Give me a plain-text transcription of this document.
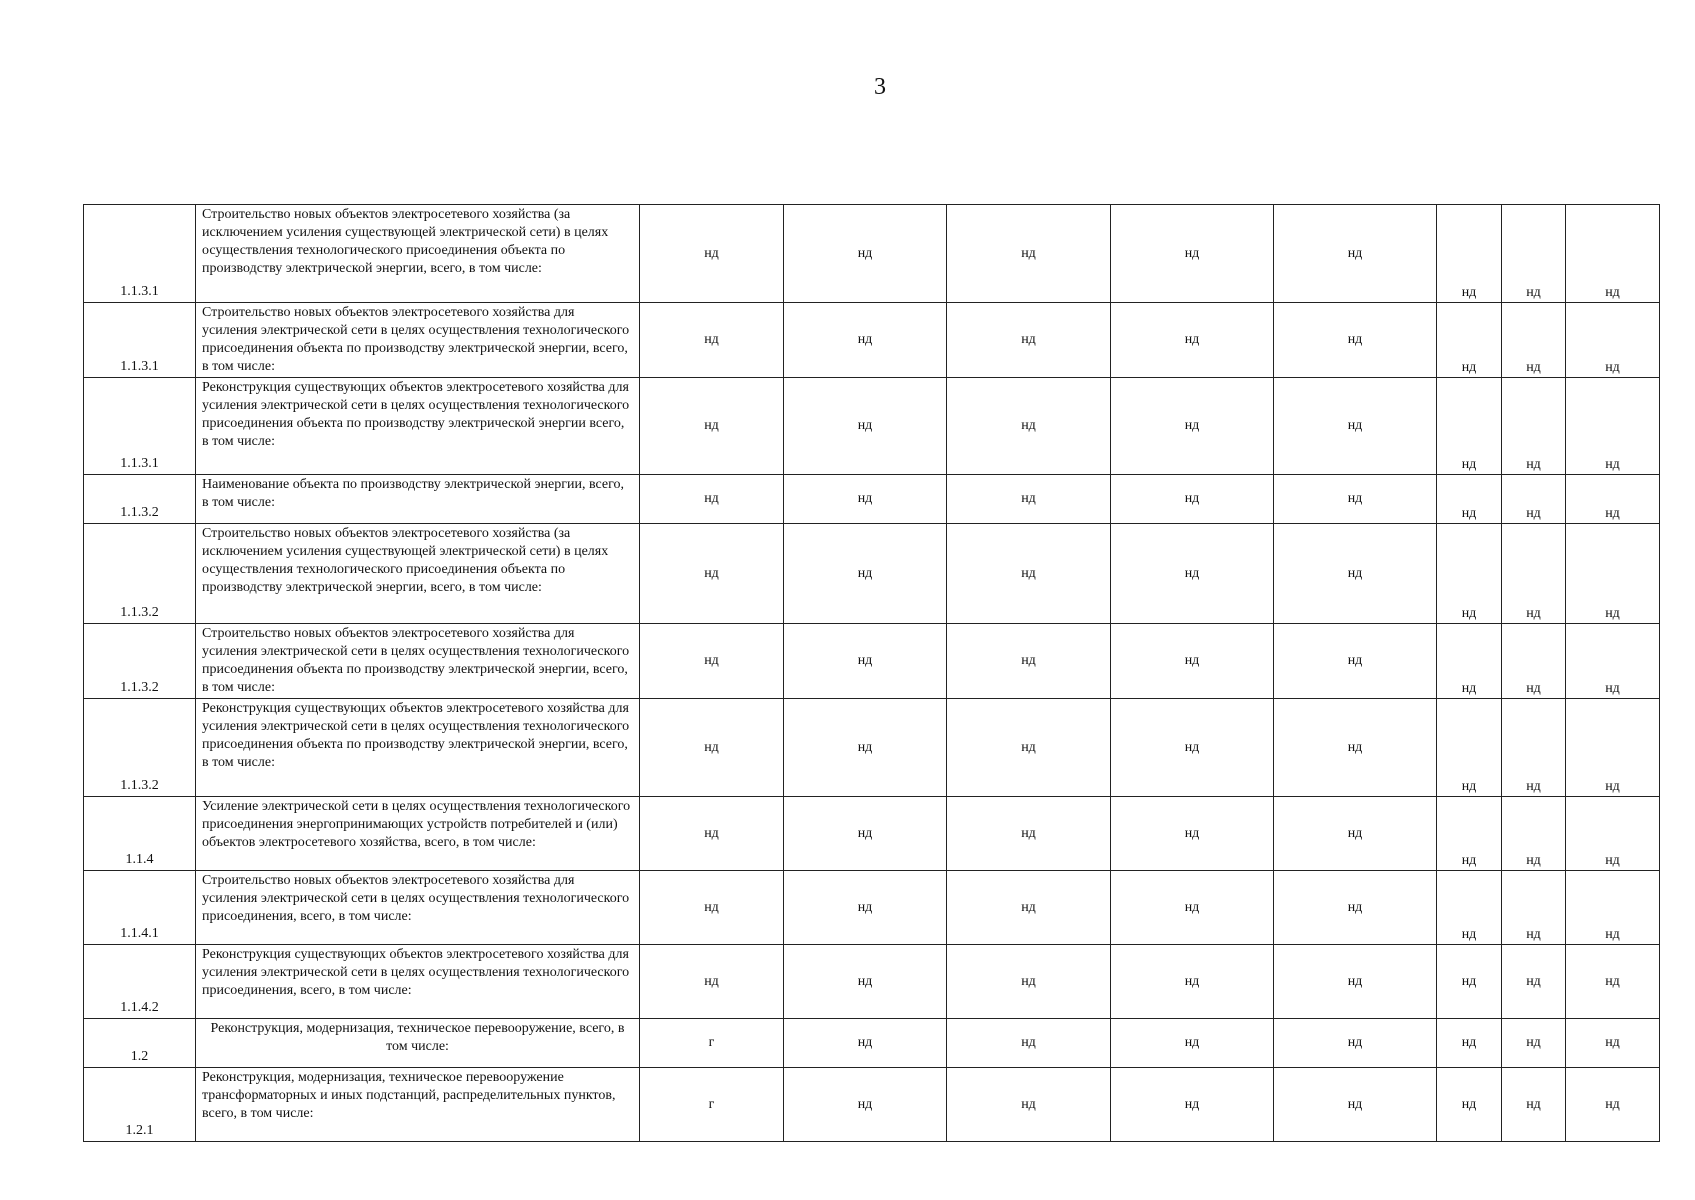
3
1.1.3.1	Строительство новых объектов электросетевого хозяйства (за исключением усиления существующей электрической сети) в целях осуществления технологического присоединения объекта по производству электрической энергии, всего, в том числе:	нд	нд	нд	нд	нд	нд	нд	нд
1.1.3.1	Строительство новых объектов электросетевого хозяйства для усиления электрической сети в целях осуществления технологического присоединения объекта по производству электрической энергии, всего, в том числе:	нд	нд	нд	нд	нд	нд	нд	нд
1.1.3.1	Реконструкция существующих объектов электросетевого хозяйства для усиления электрической сети в целях осуществления технологического присоединения объекта по производству электрической энергии всего, в том числе:	нд	нд	нд	нд	нд	нд	нд	нд
1.1.3.2	Наименование объекта по производству электрической энергии, всего, в том числе:	нд	нд	нд	нд	нд	нд	нд	нд
1.1.3.2	Строительство новых объектов электросетевого хозяйства (за исключением усиления существующей электрической сети) в целях осуществления технологического присоединения объекта по производству электрической энергии, всего, в том числе:	нд	нд	нд	нд	нд	нд	нд	нд
1.1.3.2	Строительство новых объектов электросетевого хозяйства для усиления электрической сети в целях осуществления технологического присоединения объекта по производству электрической энергии, всего, в том числе:	нд	нд	нд	нд	нд	нд	нд	нд
1.1.3.2	Реконструкция существующих объектов электросетевого хозяйства для усиления электрической сети в целях осуществления технологического присоединения объекта по производству электрической энергии, всего, в том числе:	нд	нд	нд	нд	нд	нд	нд	нд
1.1.4	Усиление электрической сети в целях осуществления технологического присоединения энергопринимающих устройств потребителей и (или) объектов электросетевого хозяйства, всего, в том числе:	нд	нд	нд	нд	нд	нд	нд	нд
1.1.4.1	Строительство новых объектов электросетевого хозяйства для усиления электрической сети в целях осуществления технологического присоединения, всего, в том числе:	нд	нд	нд	нд	нд	нд	нд	нд
1.1.4.2	Реконструкция существующих объектов электросетевого хозяйства для усиления электрической сети в целях осуществления технологического присоединения, всего, в том числе:	нд	нд	нд	нд	нд	нд	нд	нд
1.2	Реконструкция, модернизация, техническое перевооружение, всего, в том числе:	г	нд	нд	нд	нд	нд	нд	нд
1.2.1	Реконструкция, модернизация, техническое перевооружение трансформаторных и иных подстанций, распределительных пунктов, всего, в том числе:	г	нд	нд	нд	нд	нд	нд	нд
